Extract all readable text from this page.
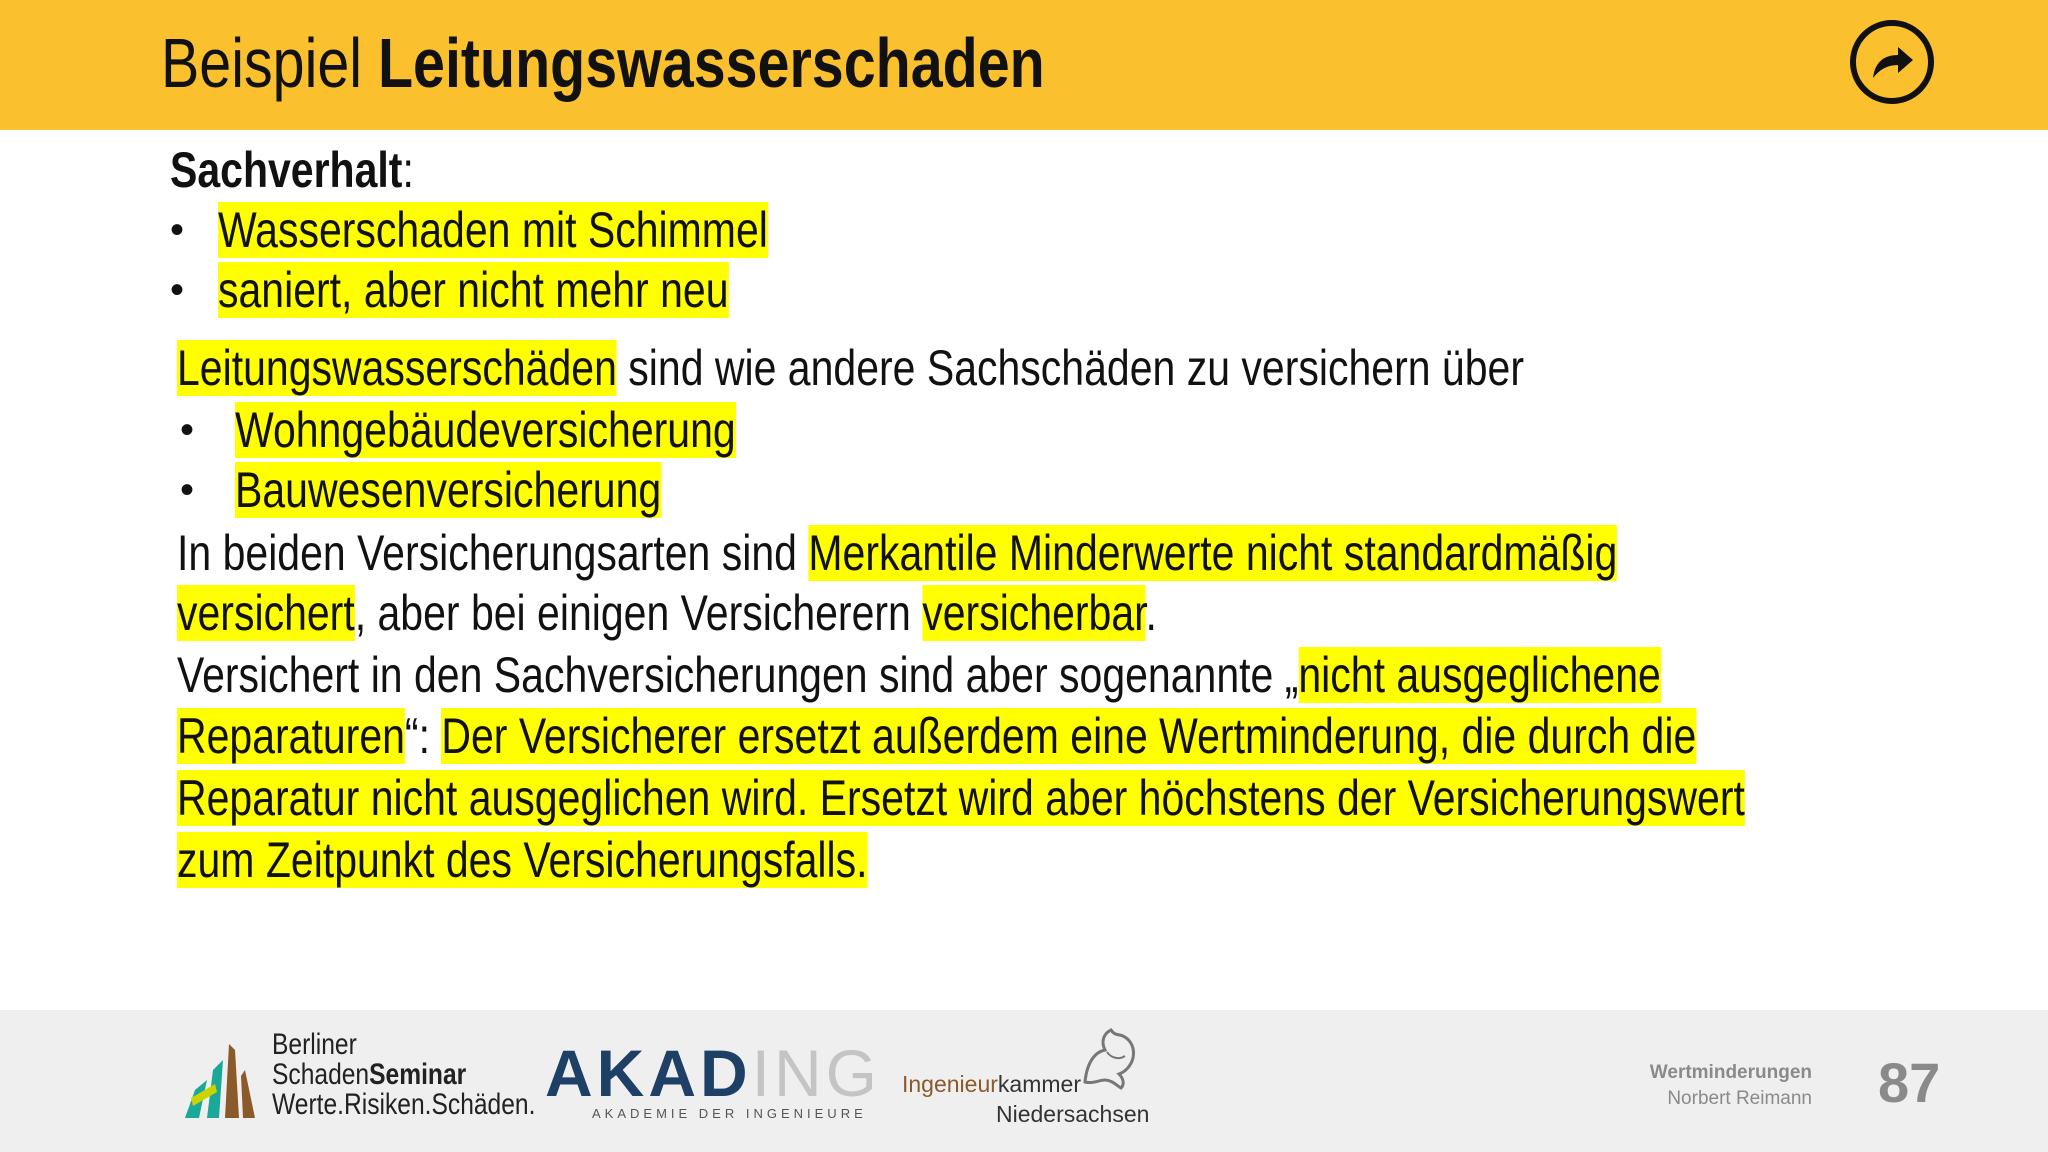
Beispiel Leitungswasserschaden
Sachverhalt:
• Wasserschaden mit Schimmel
• saniert, aber nicht mehr neu
Leitungswasserschäden sind wie andere Sachschäden zu versichern über
• Wohngebäudeversicherung
• Bauwesenversicherung
In beiden Versicherungsarten sind Merkantile Minderwerte nicht standardmäßig
versichert, aber bei einigen Versicherern versicherbar.
Versichert in den Sachversicherungen sind aber sogenannte „nicht ausgeglichene
Reparaturen“: Der Versicherer ersetzt außerdem eine Wertminderung, die durch die
Reparatur nicht ausgeglichen wird. Ersetzt wird aber höchstens der Versicherungswert
zum Zeitpunkt des Versicherungsfalls.
Berliner
SchadenSeminar
Werte.Risiken.Schäden. AKADING
AKADEMIE DER INGENIEURE
Ingenieurkammer
Niedersachsen
Wertminderungen
Norbert Reimann 87
